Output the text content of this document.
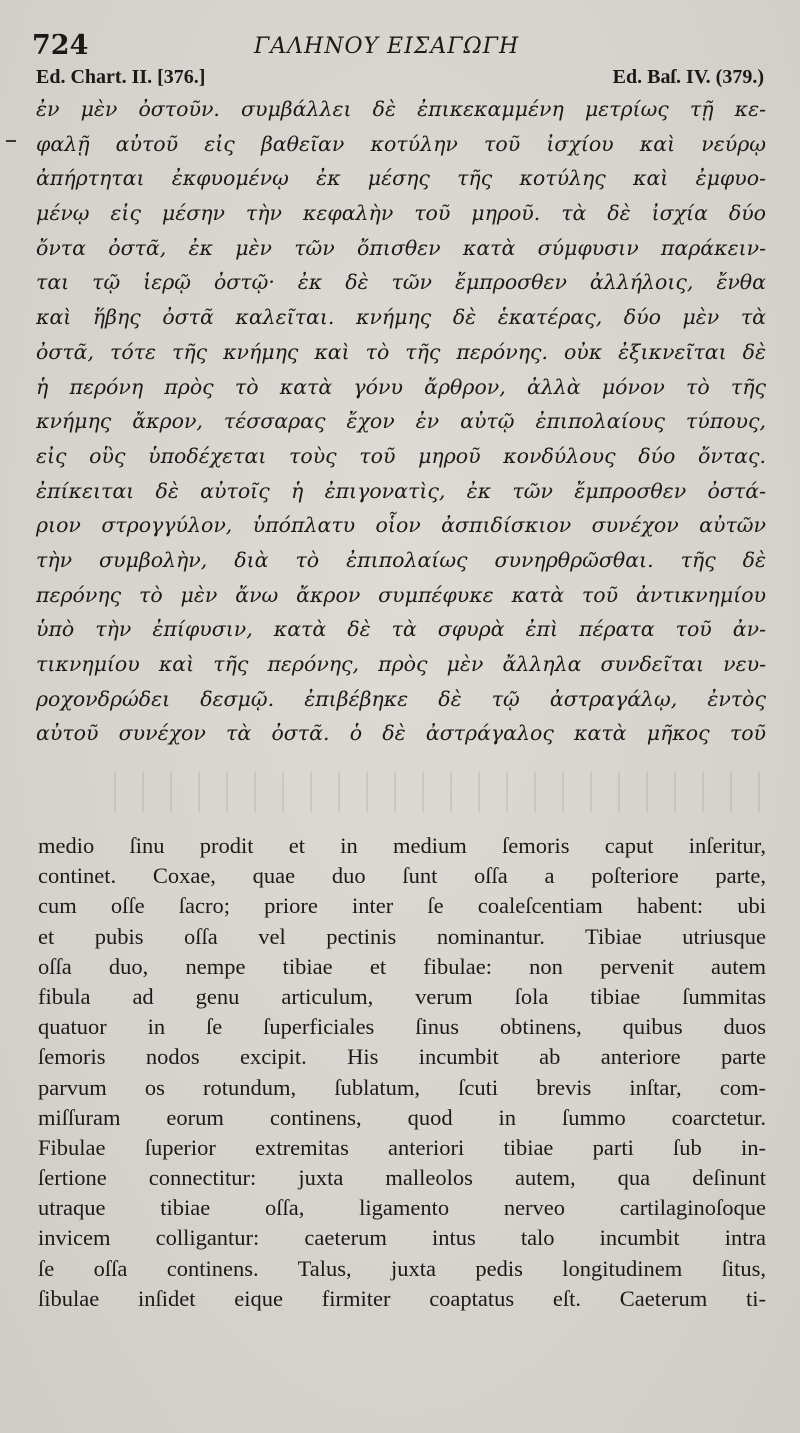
724	ΓΑΛΗΝΟΥ ΕΙΣΑΓΩΓΗ
Ed. Chart. II. [376.]	Ed. Baſ. IV. (379.)
ἐν μὲν ὀστοῦν. συμβάλλει δὲ ἐπικεκαμμένη μετρίως τῇ κε-
φαλῇ αὐτοῦ εἰς βαθεῖαν κοτύλην τοῦ ἰσχίου καὶ νεύρῳ
ἀπήρτηται ἐκφυομένῳ ἐκ μέσης τῆς κοτύλης καὶ ἐμφυο-
μένῳ εἰς μέσην τὴν κεφαλὴν τοῦ μηροῦ. τὰ δὲ ἰσχία δύο
ὄντα ὀστᾶ, ἐκ μὲν τῶν ὄπισθεν κατὰ σύμφυσιν παράκειν-
ται τῷ ἱερῷ ὀστῷ· ἐκ δὲ τῶν ἔμπροσθεν ἀλλήλοις, ἔνθα
καὶ ἥβης ὀστᾶ καλεῖται. κνήμης δὲ ἑκατέρας, δύο μὲν τὰ
ὀστᾶ, τότε τῆς κνήμης καὶ τὸ τῆς περόνης. οὐκ ἐξικνεῖται δὲ
ἡ περόνη πρὸς τὸ κατὰ γόνυ ἄρθρον, ἀλλὰ μόνον τὸ τῆς
κνήμης ἄκρον, τέσσαρας ἔχον ἐν αὐτῷ ἐπιπολαίους τύπους,
εἰς οὓς ὑποδέχεται τοὺς τοῦ μηροῦ κονδύλους δύο ὄντας.
ἐπίκειται δὲ αὐτοῖς ἡ ἐπιγονατὶς, ἐκ τῶν ἔμπροσθεν ὀστά-
ριον στρογγύλον, ὑπόπλατυ οἷον ἀσπιδίσκιον συνέχον αὐτῶν
τὴν συμβολὴν, διὰ τὸ ἐπιπολαίως συνηρθρῶσθαι. τῆς δὲ
περόνης τὸ μὲν ἄνω ἄκρον συμπέφυκε κατὰ τοῦ ἀντικνημίου
ὑπὸ τὴν ἐπίφυσιν, κατὰ δὲ τὰ σφυρὰ ἐπὶ πέρατα τοῦ ἀν-
τικνημίου καὶ τῆς περόνης, πρὸς μὲν ἄλληλα συνδεῖται νευ-
ροχονδρώδει δεσμῷ. ἐπιβέβηκε δὲ τῷ ἀστραγάλῳ, ἐντὸς
αὐτοῦ συνέχον τὰ ὀστᾶ. ὁ δὲ ἀστράγαλος κατὰ μῆκος τοῦ
medio ſinu prodit et in medium ſemoris caput inſeritur,
continet. Coxae, quae duo ſunt oſſa a poſteriore parte,
cum oſſe ſacro; priore inter ſe coaleſcentiam habent: ubi
et pubis oſſa vel pectinis nominantur. Tibiae utriusque
oſſa duo, nempe tibiae et fibulae: non pervenit autem
fibula ad genu articulum, verum ſola tibiae ſummitas
quatuor in ſe ſuperficiales ſinus obtinens, quibus duos
ſemoris nodos excipit. His incumbit ab anteriore parte
parvum os rotundum, ſublatum, ſcuti brevis inſtar, com-
miſſuram eorum continens, quod in ſummo coarctetur.
Fibulae ſuperior extremitas anteriori tibiae parti ſub in-
ſertione connectitur: juxta malleolos autem, qua deſinunt
utraque tibiae oſſa, ligamento nerveo cartilaginoſoque
invicem colligantur: caeterum intus talo incumbit intra
ſe oſſa continens. Talus, juxta pedis longitudinem ſitus,
ſibulae inſidet eique firmiter coaptatus eſt. Caeterum ti-
